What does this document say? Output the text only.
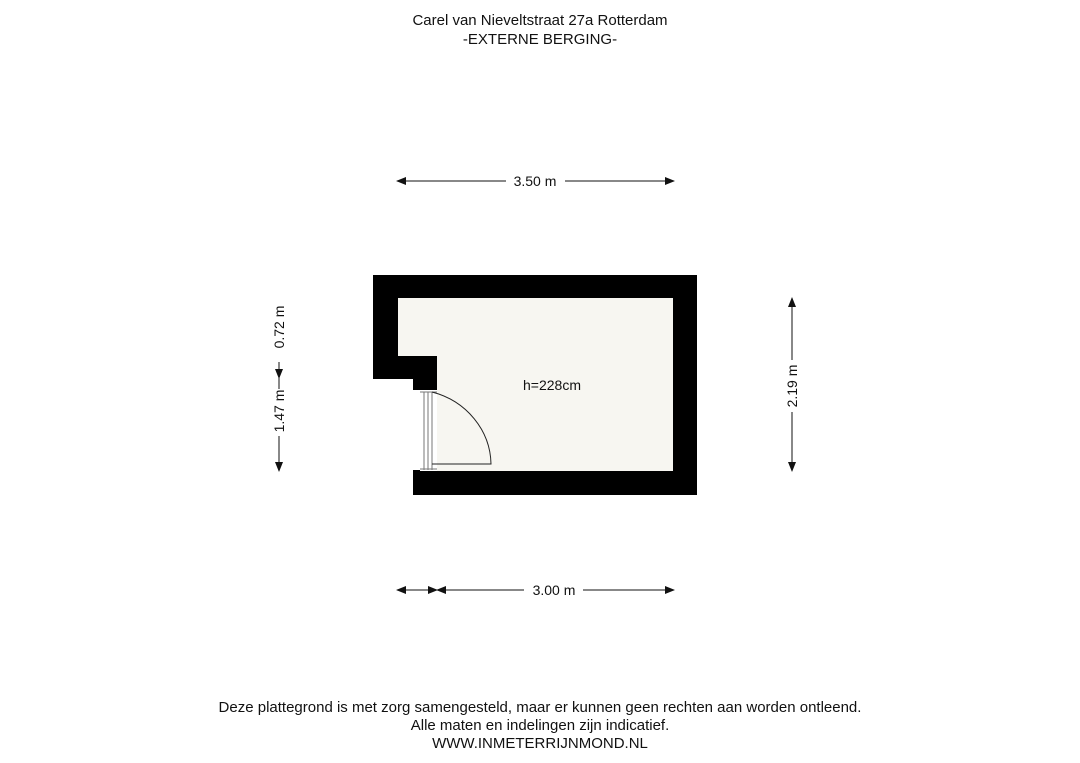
Carel van Nieveltstraat 27a Rotterdam
-EXTERNE BERGING-
h=228cm
3.50 m
3.00 m
2.19 m
0.72 m
1.47 m
Deze plattegrond is met zorg samengesteld, maar er kunnen geen rechten aan worden ontleend.
Alle maten en indelingen zijn indicatief.
WWW.INMETERRIJNMOND.NL
